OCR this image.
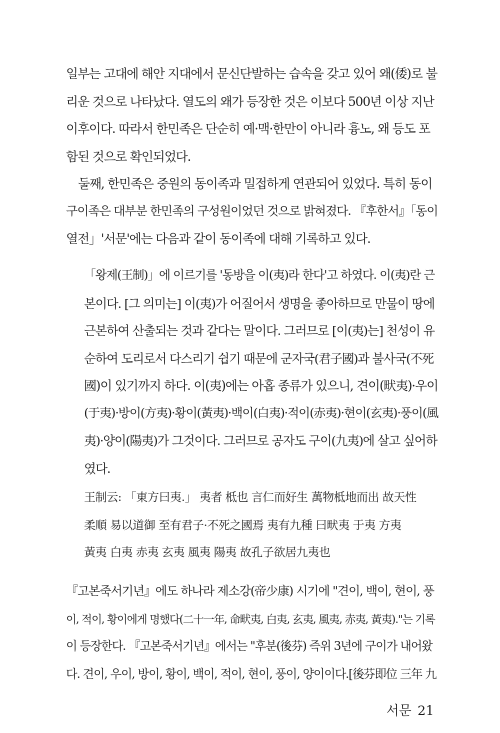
일부는 고대에 해안 지대에서 문신단발하는 습속을 갖고 있어 왜(倭)로 불
리운 것으로 나타났다. 열도의 왜가 등장한 것은 이보다 500년 이상 지난
이후이다. 따라서 한민족은 단순히 예·맥·한만이 아니라 흉노, 왜 등도 포
함된 것으로 확인되었다.

둘째, 한민족은 중원의 동이족과 밀접하게 연관되어 있었다. 특히 동이
구이족은 대부분 한민족의 구성원이었던 것으로 밝혀졌다. 『후한서』「동이
열전」'서문'에는 다음과 같이 동이족에 대해 기록하고 있다.

「왕제(王制)」에 이르기를 '동방을 이(夷)라 한다'고 하였다. 이(夷)란 근
본이다. [그 의미는] 이(夷)가 어질어서 생명을 좋아하므로 만물이 땅에
근본하여 산출되는 것과 같다는 말이다. 그러므로 [이(夷)는] 천성이 유
순하여 도리로서 다스리기 쉽기 때문에 군자국(君子國)과 불사국(不死
國)이 있기까지 하다. 이(夷)에는 아홉 종류가 있으니, 견이(畎夷)·우이
(于夷)·방이(方夷)·황이(黃夷)·백이(白夷)·적이(赤夷)·현이(玄夷)·풍이(風
夷)·양이(陽夷)가 그것이다. 그러므로 공자도 구이(九夷)에 살고 싶어하
였다.
王制云: 「東方曰夷.」 夷者 柢也 言仁而好生 萬物柢地而出 故天性
柔順 易以道御 至有君子·不死之國焉 夷有九種 曰畎夷 于夷 方夷
黃夷 白夷 赤夷 玄夷 風夷 陽夷 故孔子欲居九夷也

『고본죽서기년』에도 하나라 제소강(帝少康) 시기에 "견이, 백이, 현이, 풍
이, 적이, 황이에게 명했다(二十一年, 命畎夷, 白夷, 玄夷, 風夷, 赤夷, 黃夷)."는 기록
이 등장한다. 『고본죽서기년』에서는 "후분(後芬) 즉위 3년에 구이가 내어왔
다. 견이, 우이, 방이, 황이, 백이, 적이, 현이, 풍이, 양이이다.[後芬即位 三年 九

서문 21
